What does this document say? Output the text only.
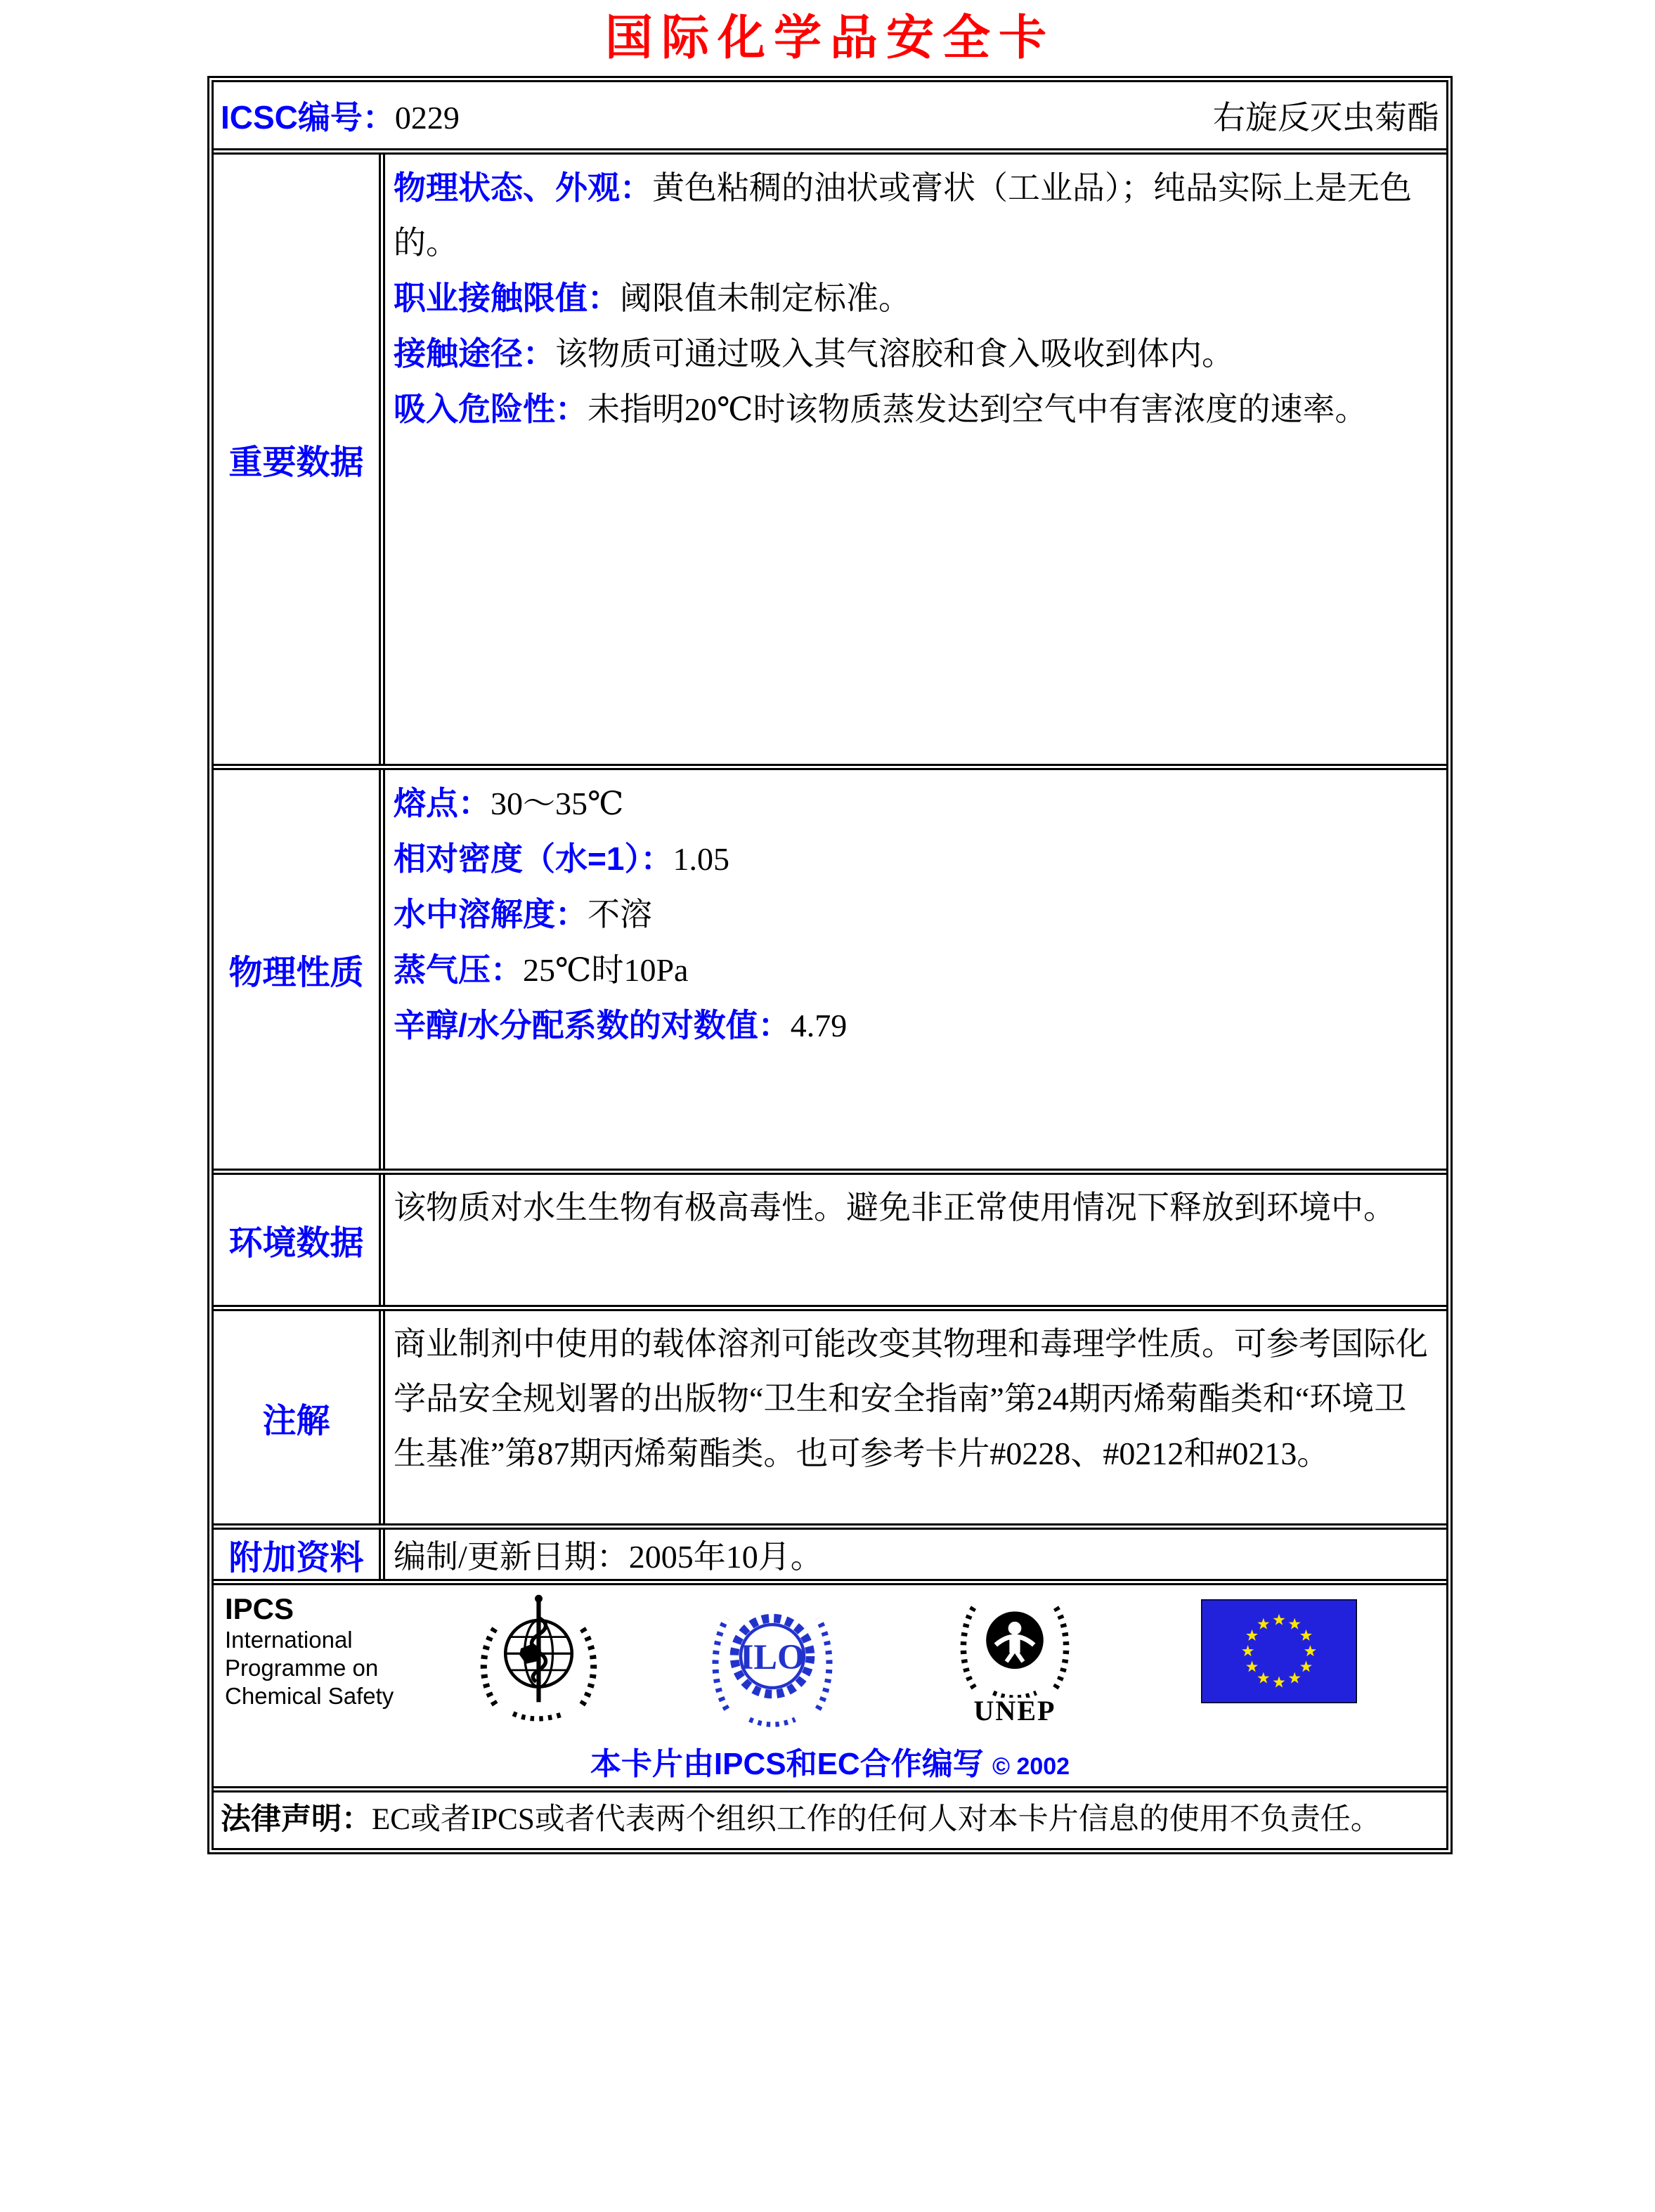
国际化学品安全卡
ICSC编号：0229	右旋反灭虫菊酯
重要数据
物理状态、外观：黄色粘稠的油状或膏状（工业品）；纯品实际上是无色的。
职业接触限值：阈限值未制定标准。
接触途径：该物质可通过吸入其气溶胶和食入吸收到体内。
吸入危险性：未指明20℃时该物质蒸发达到空气中有害浓度的速率。
物理性质
熔点：30～35℃
相对密度（水=1）：1.05
水中溶解度：不溶
蒸气压：25℃时10Pa
辛醇/水分配系数的对数值：4.79
环境数据
该物质对水生生物有极高毒性。避免非正常使用情况下释放到环境中。
注解
商业制剂中使用的载体溶剂可能改变其物理和毒理学性质。可参考国际化学品安全规划署的出版物“卫生和安全指南”第24期丙烯菊酯类和“环境卫生基准”第87期丙烯菊酯类。也可参考卡片#0228、#0212和#0213。
附加资料 编制/更新日期：2005年10月。
IPCS
International
Programme on
Chemical Safety
ILO
UNEP
本卡片由IPCS和EC合作编写 © 2002
法律声明：EC或者IPCS或者代表两个组织工作的任何人对本卡片信息的使用不负责任。
